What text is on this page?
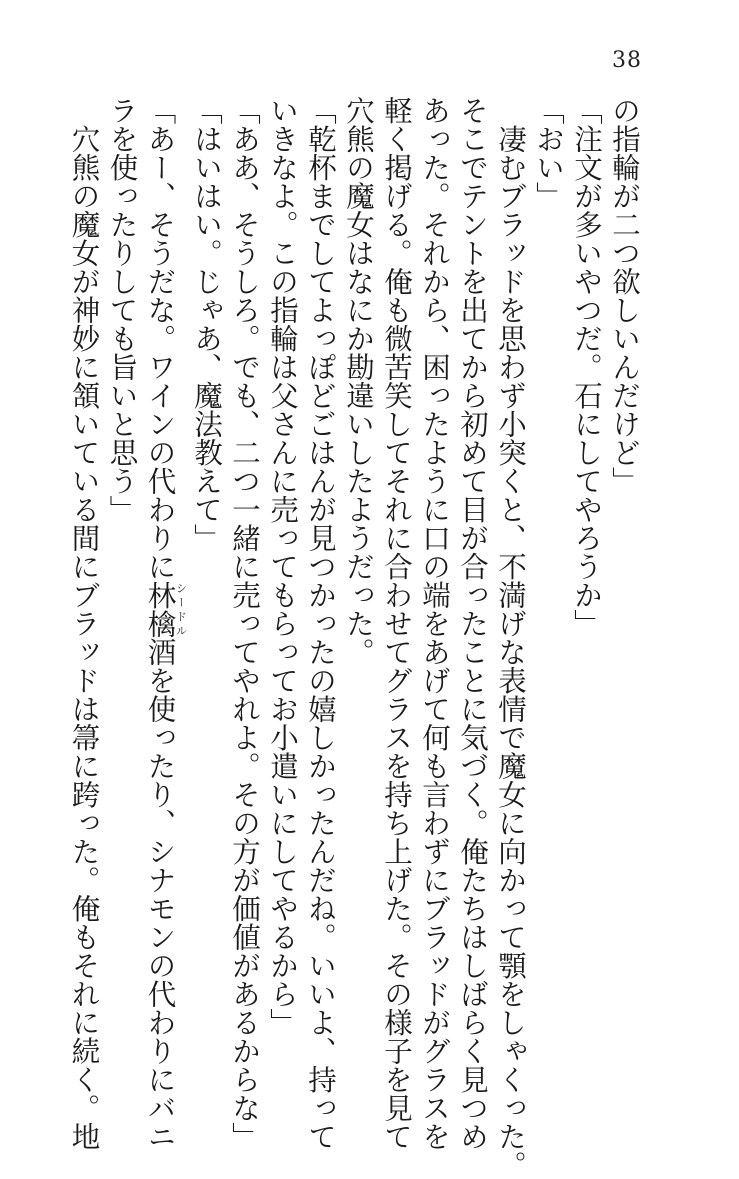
38

の指輪が二つ欲しいんだけど」

「注文が多いやつだ。石にしてやろうか」

「おい」

　凄むブラッドを思わず小突くと、不満げな表情で魔女に向かって顎をしゃくった。

そこでテントを出てから初めて目が合ったことに気づく。俺たちはしばらく見つめ

あった。それから、困ったように口の端をあげて何も言わずにブラッドがグラスを

軽く掲げる。俺も微苦笑してそれに合わせてグラスを持ち上げた。その様子を見て

穴熊の魔女はなにか勘違いしたようだった。

「乾杯までしてよっぽどごはんが見つかったの嬉しかったんだね。いいよ、持って

いきなよ。この指輪は父さんに売ってもらってお小遣いにしてやるから」

「ああ、そうしろ。でも、二つ一緒に売ってやれよ。その方が価値があるからな」

「はいはい。じゃあ、魔法教えて」

「あー、そうだな。ワインの代わりに林檎シードル酒を使ったり、シナモンの代わりにバニ

ラを使ったりしても旨いと思う」

　穴熊の魔女が神妙に頷いている間にブラッドは箒に跨った。俺もそれに続く。地
